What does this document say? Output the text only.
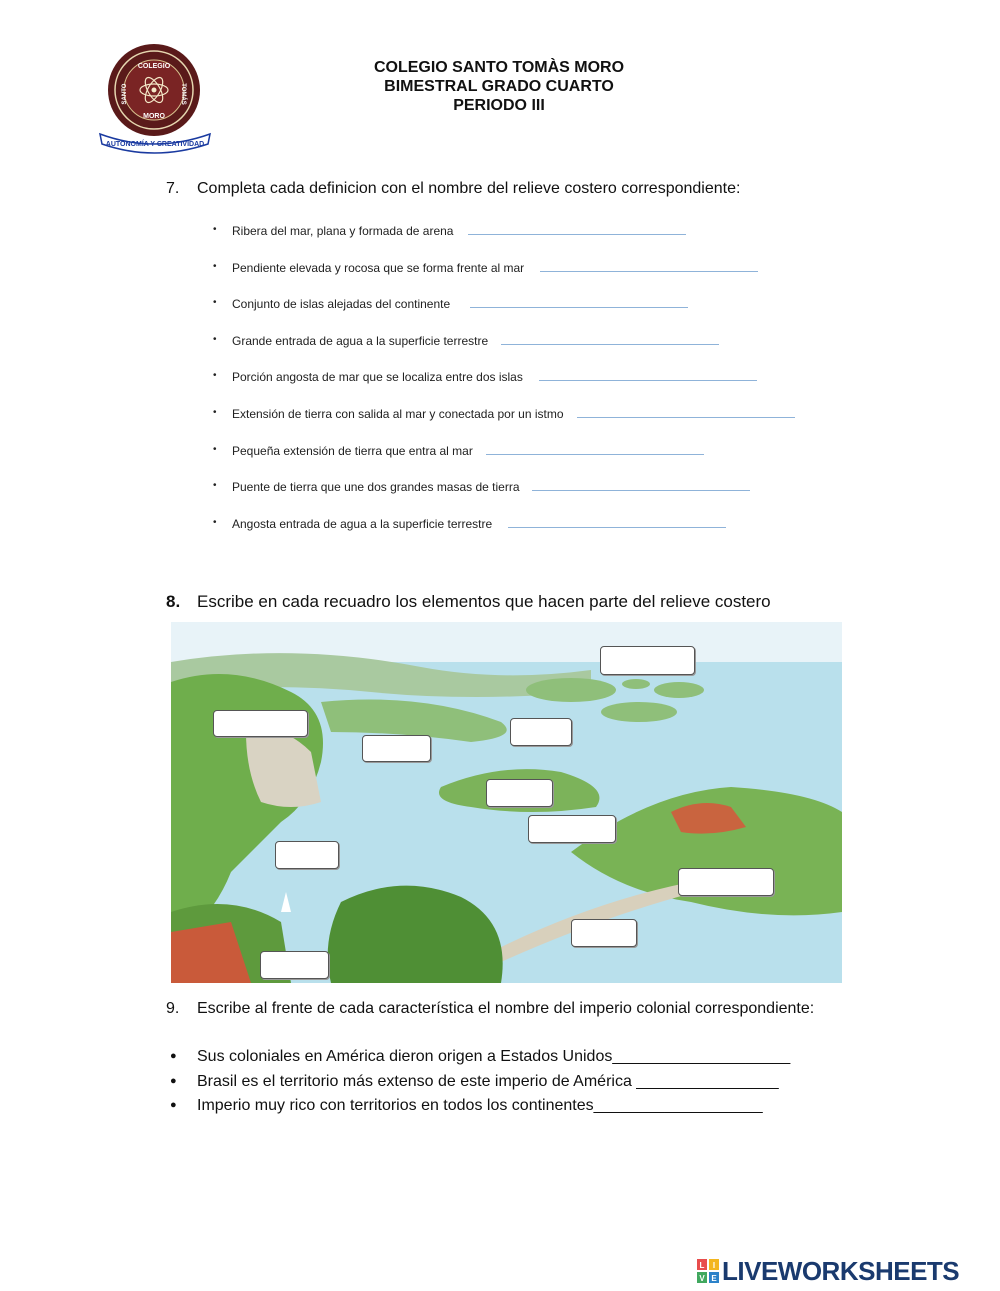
COLEGIO
MORO
SANTO	TOMÁS
AUTONOMÍA Y CREATIVIDAD
COLEGIO SANTO TOMÀS MORO
BIMESTRAL GRADO CUARTO
PERIODO III
7. Completa cada definicion con el nombre del relieve costero correspondiente:
• Ribera del mar, plana y formada de arena
• Pendiente elevada y rocosa que se forma frente al mar
• Conjunto de islas alejadas del continente
• Grande entrada de agua a la superficie terrestre
• Porción angosta de mar que se localiza entre dos islas
• Extensión de tierra con salida al mar y conectada por un istmo
• Pequeña extensión de tierra que entra al mar
• Puente de tierra que une dos grandes masas de tierra
• Angosta entrada de agua a la superficie terrestre
8. Escribe en cada recuadro los elementos que hacen parte del relieve costero
9. Escribe al frente de cada característica el nombre del imperio colonial correspondiente:
● Sus coloniales en América dieron origen a Estados Unidos____________________
● Brasil es el territorio más extenso de este imperio de América ________________
● Imperio muy rico con territorios en todos los continentes___________________
L I
V E LIVEWORKSHEETS
